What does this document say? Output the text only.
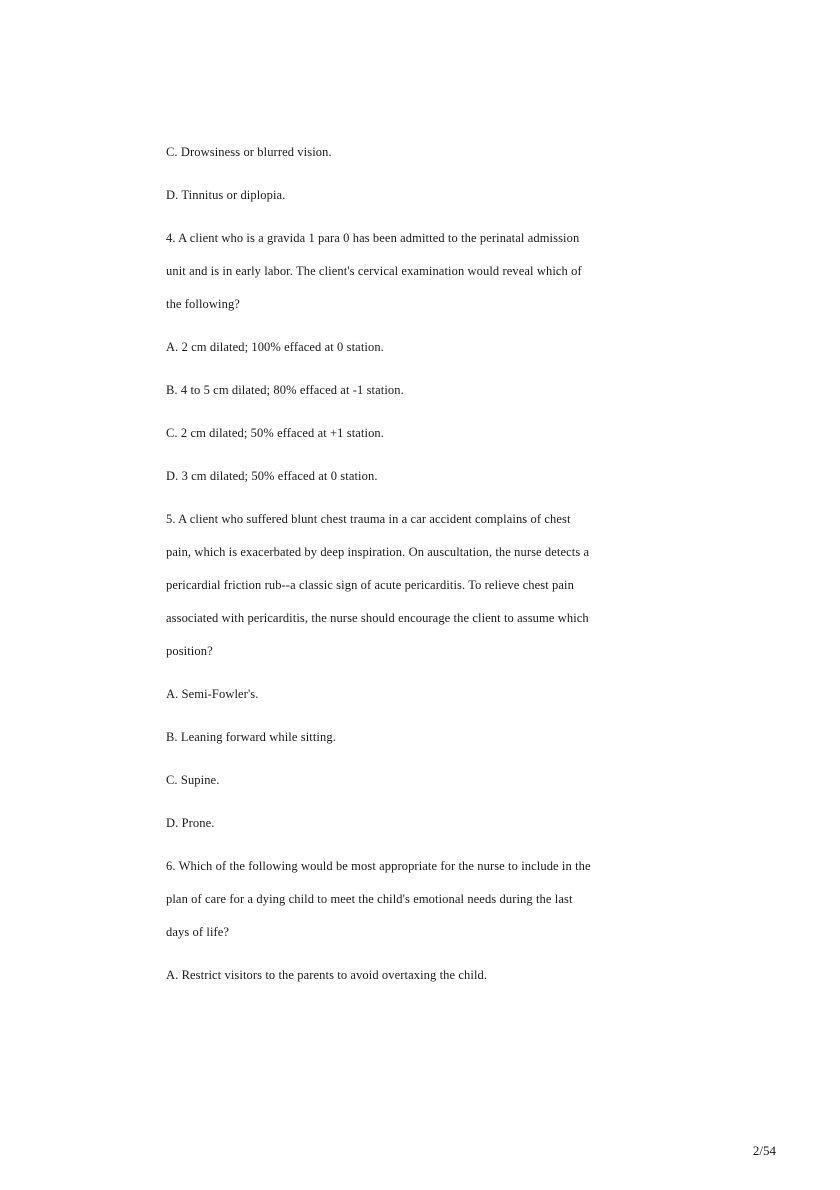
C. Drowsiness or blurred vision.
D. Tinnitus or diplopia.
4. A client who is a gravida 1 para 0 has been admitted to the perinatal admission
unit and is in early labor. The client's cervical examination would reveal which of
the following?
A. 2 cm dilated; 100% effaced at 0 station.
B. 4 to 5 cm dilated; 80% effaced at -1 station.
C. 2 cm dilated; 50% effaced at +1 station.
D. 3 cm dilated; 50% effaced at 0 station.
5. A client who suffered blunt chest trauma in a car accident complains of chest
pain, which is exacerbated by deep inspiration. On auscultation, the nurse detects a
pericardial friction rub--a classic sign of acute pericarditis. To relieve chest pain
associated with pericarditis, the nurse should encourage the client to assume which
position?
A. Semi-Fowler's.
B. Leaning forward while sitting.
C. Supine.
D. Prone.
6. Which of the following would be most appropriate for the nurse to include in the
plan of care for a dying child to meet the child's emotional needs during the last
days of life?
A. Restrict visitors to the parents to avoid overtaxing the child.
2/54
